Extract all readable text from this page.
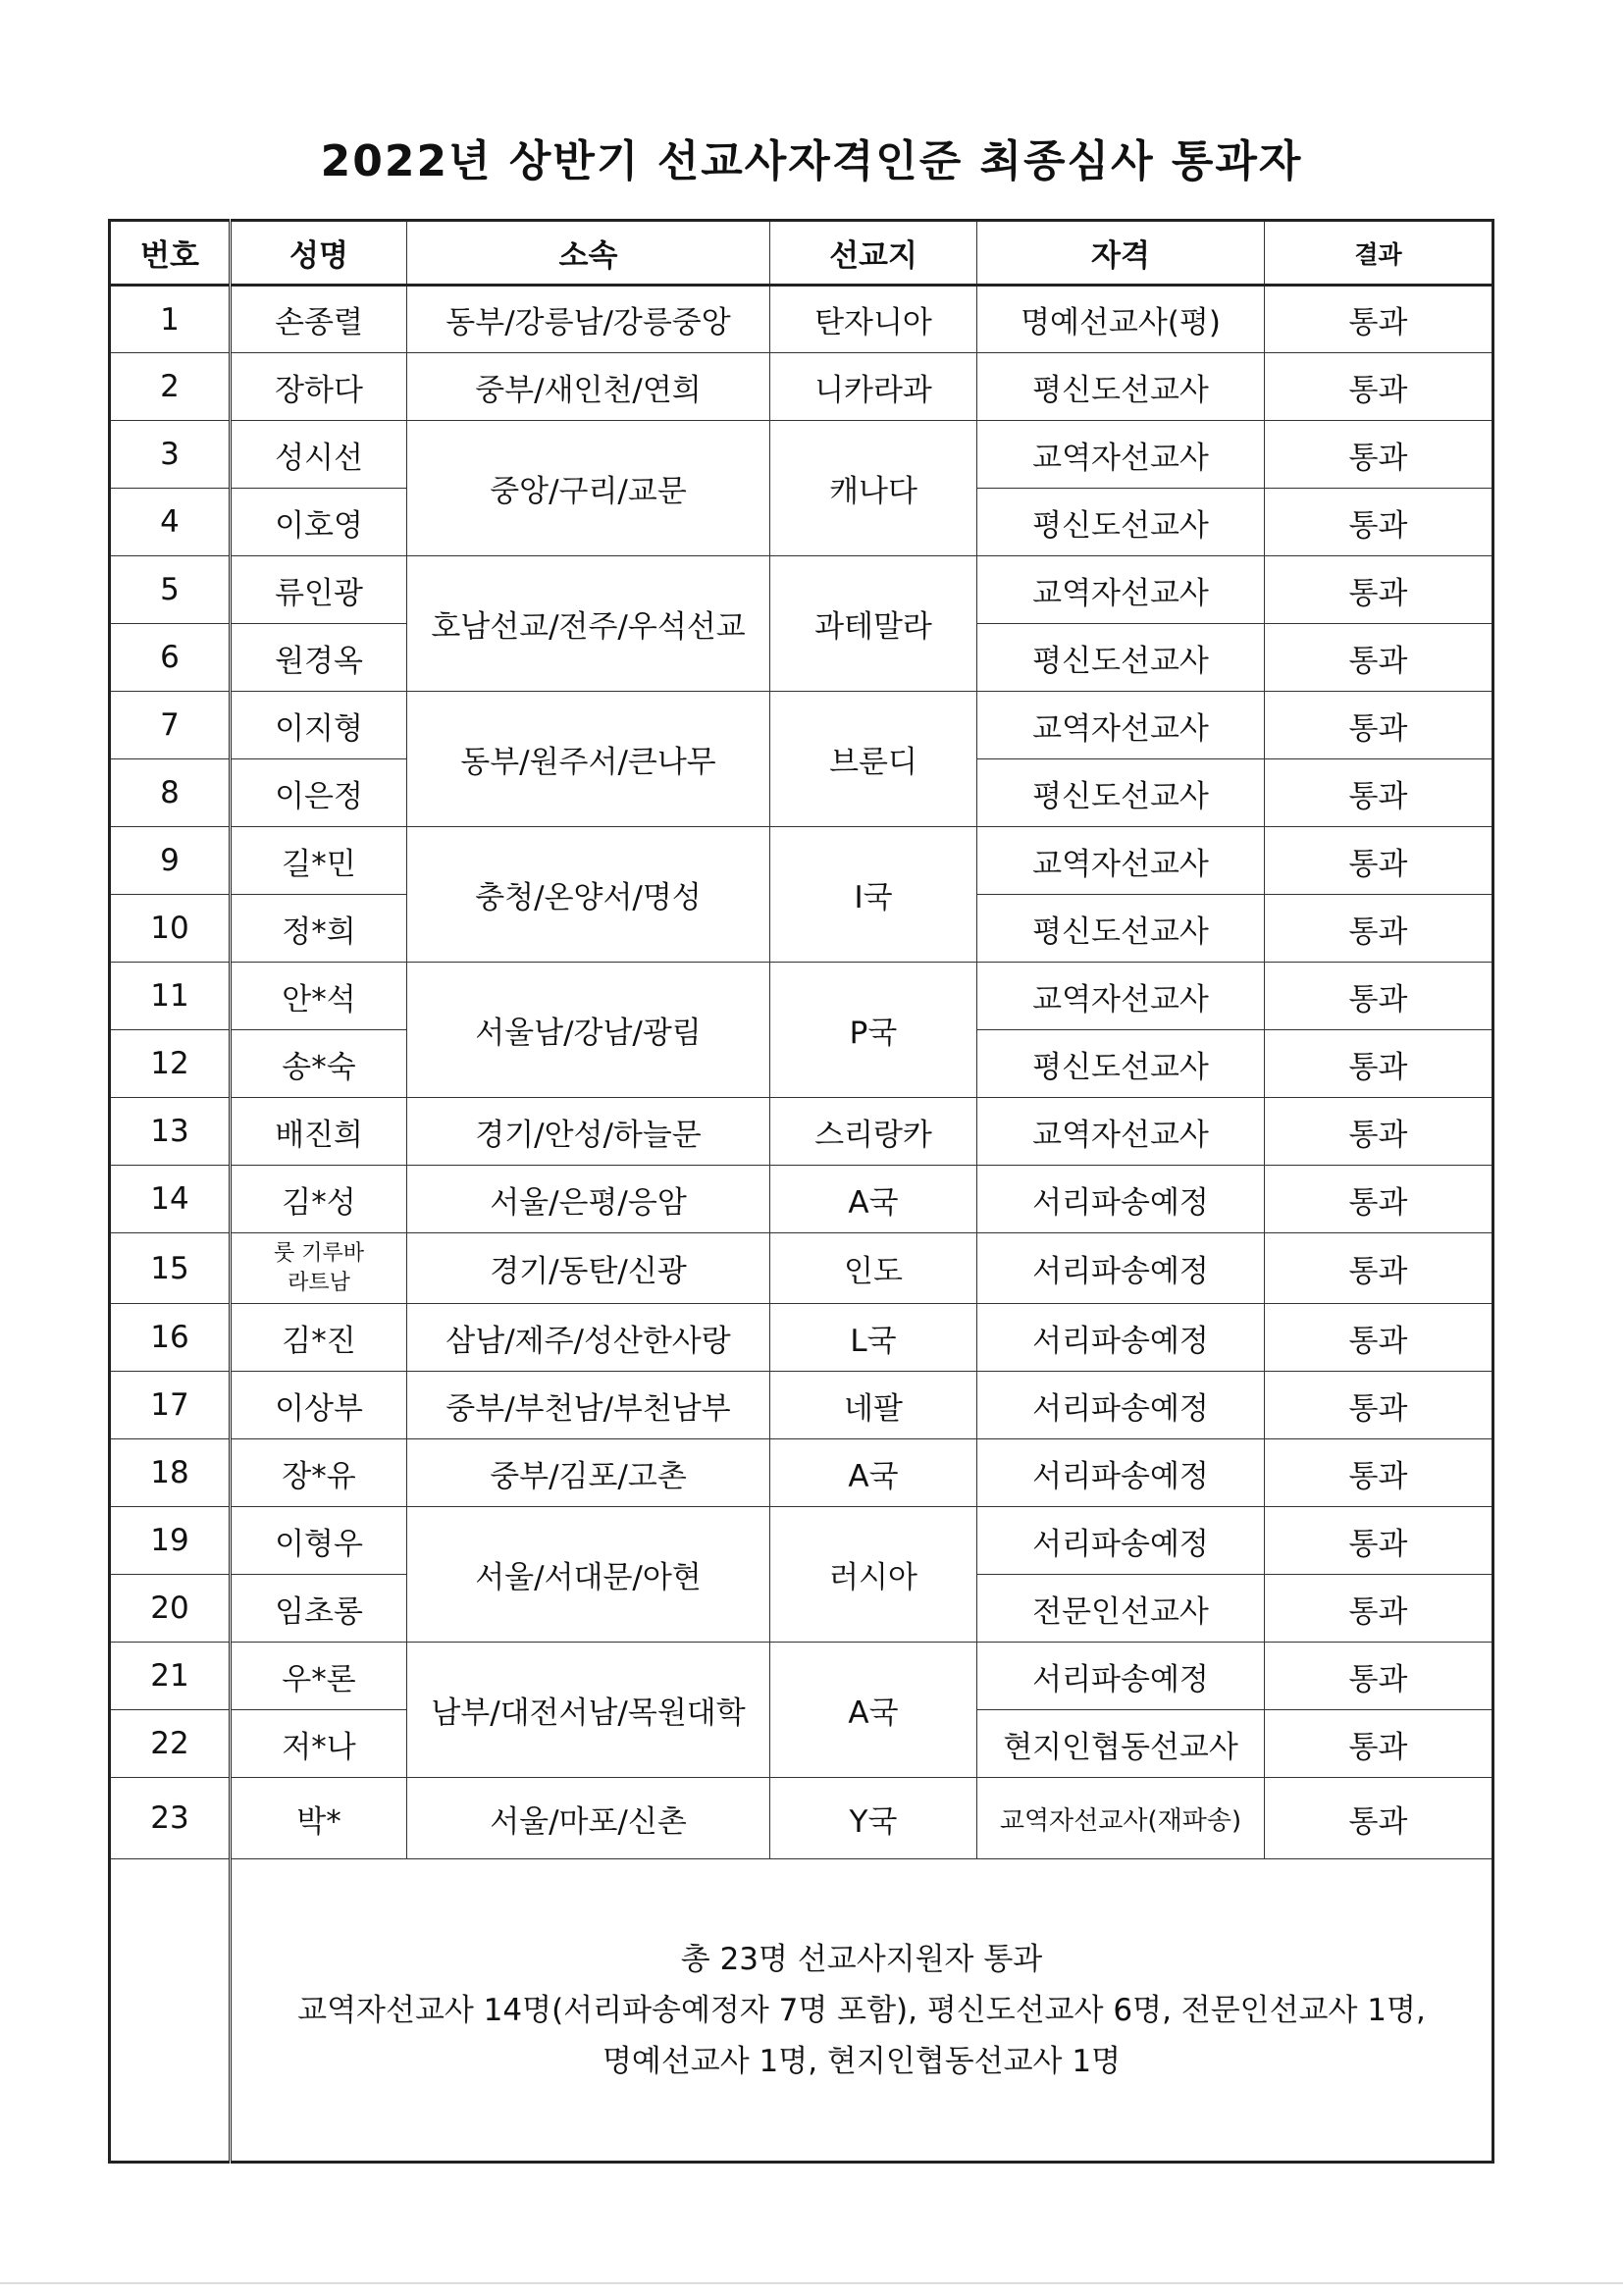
2022년 상반기 선교사자격인준 최종심사 통과자
번호	성명	소속	선교지	자격	결과
1	손종렬	동부/강릉남/강릉중앙	탄자니아	명예선교사(평)	통과
2	장하다	중부/새인천/연희	니카라과	평신도선교사	통과
3	성시선	중앙/구리/교문	캐나다	교역자선교사	통과
4	이호영			평신도선교사	통과
5	류인광	호남선교/전주/우석선교	과테말라	교역자선교사	통과
6	원경옥			평신도선교사	통과
7	이지형	동부/원주서/큰나무	브룬디	교역자선교사	통과
8	이은정			평신도선교사	통과
9	길*민	충청/온양서/명성	I국	교역자선교사	통과
10	정*희			평신도선교사	통과
11	안*석	서울남/강남/광림	P국	교역자선교사	통과
12	송*숙			평신도선교사	통과
13	배진희	경기/안성/하늘문	스리랑카	교역자선교사	통과
14	김*성	서울/은평/응암	A국	서리파송예정	통과
15	룻 기루바
라트남	경기/동탄/신광	인도	서리파송예정	통과
16	김*진	삼남/제주/성산한사랑	L국	서리파송예정	통과
17	이상부	중부/부천남/부천남부	네팔	서리파송예정	통과
18	장*유	중부/김포/고촌	A국	서리파송예정	통과
19	이형우	서울/서대문/아현	러시아	서리파송예정	통과
20	임초롱			전문인선교사	통과
21	우*론	남부/대전서남/목원대학	A국	서리파송예정	통과
22	저*나			현지인협동선교사	통과
23	박*	서울/마포/신촌	Y국	교역자선교사(재파송)	통과

	총 23명 선교사지원자 통과
교역자선교사 14명(서리파송예정자 7명 포함), 평신도선교사 6명, 전문인선교사 1명,
명예선교사 1명, 현지인협동선교사 1명				
